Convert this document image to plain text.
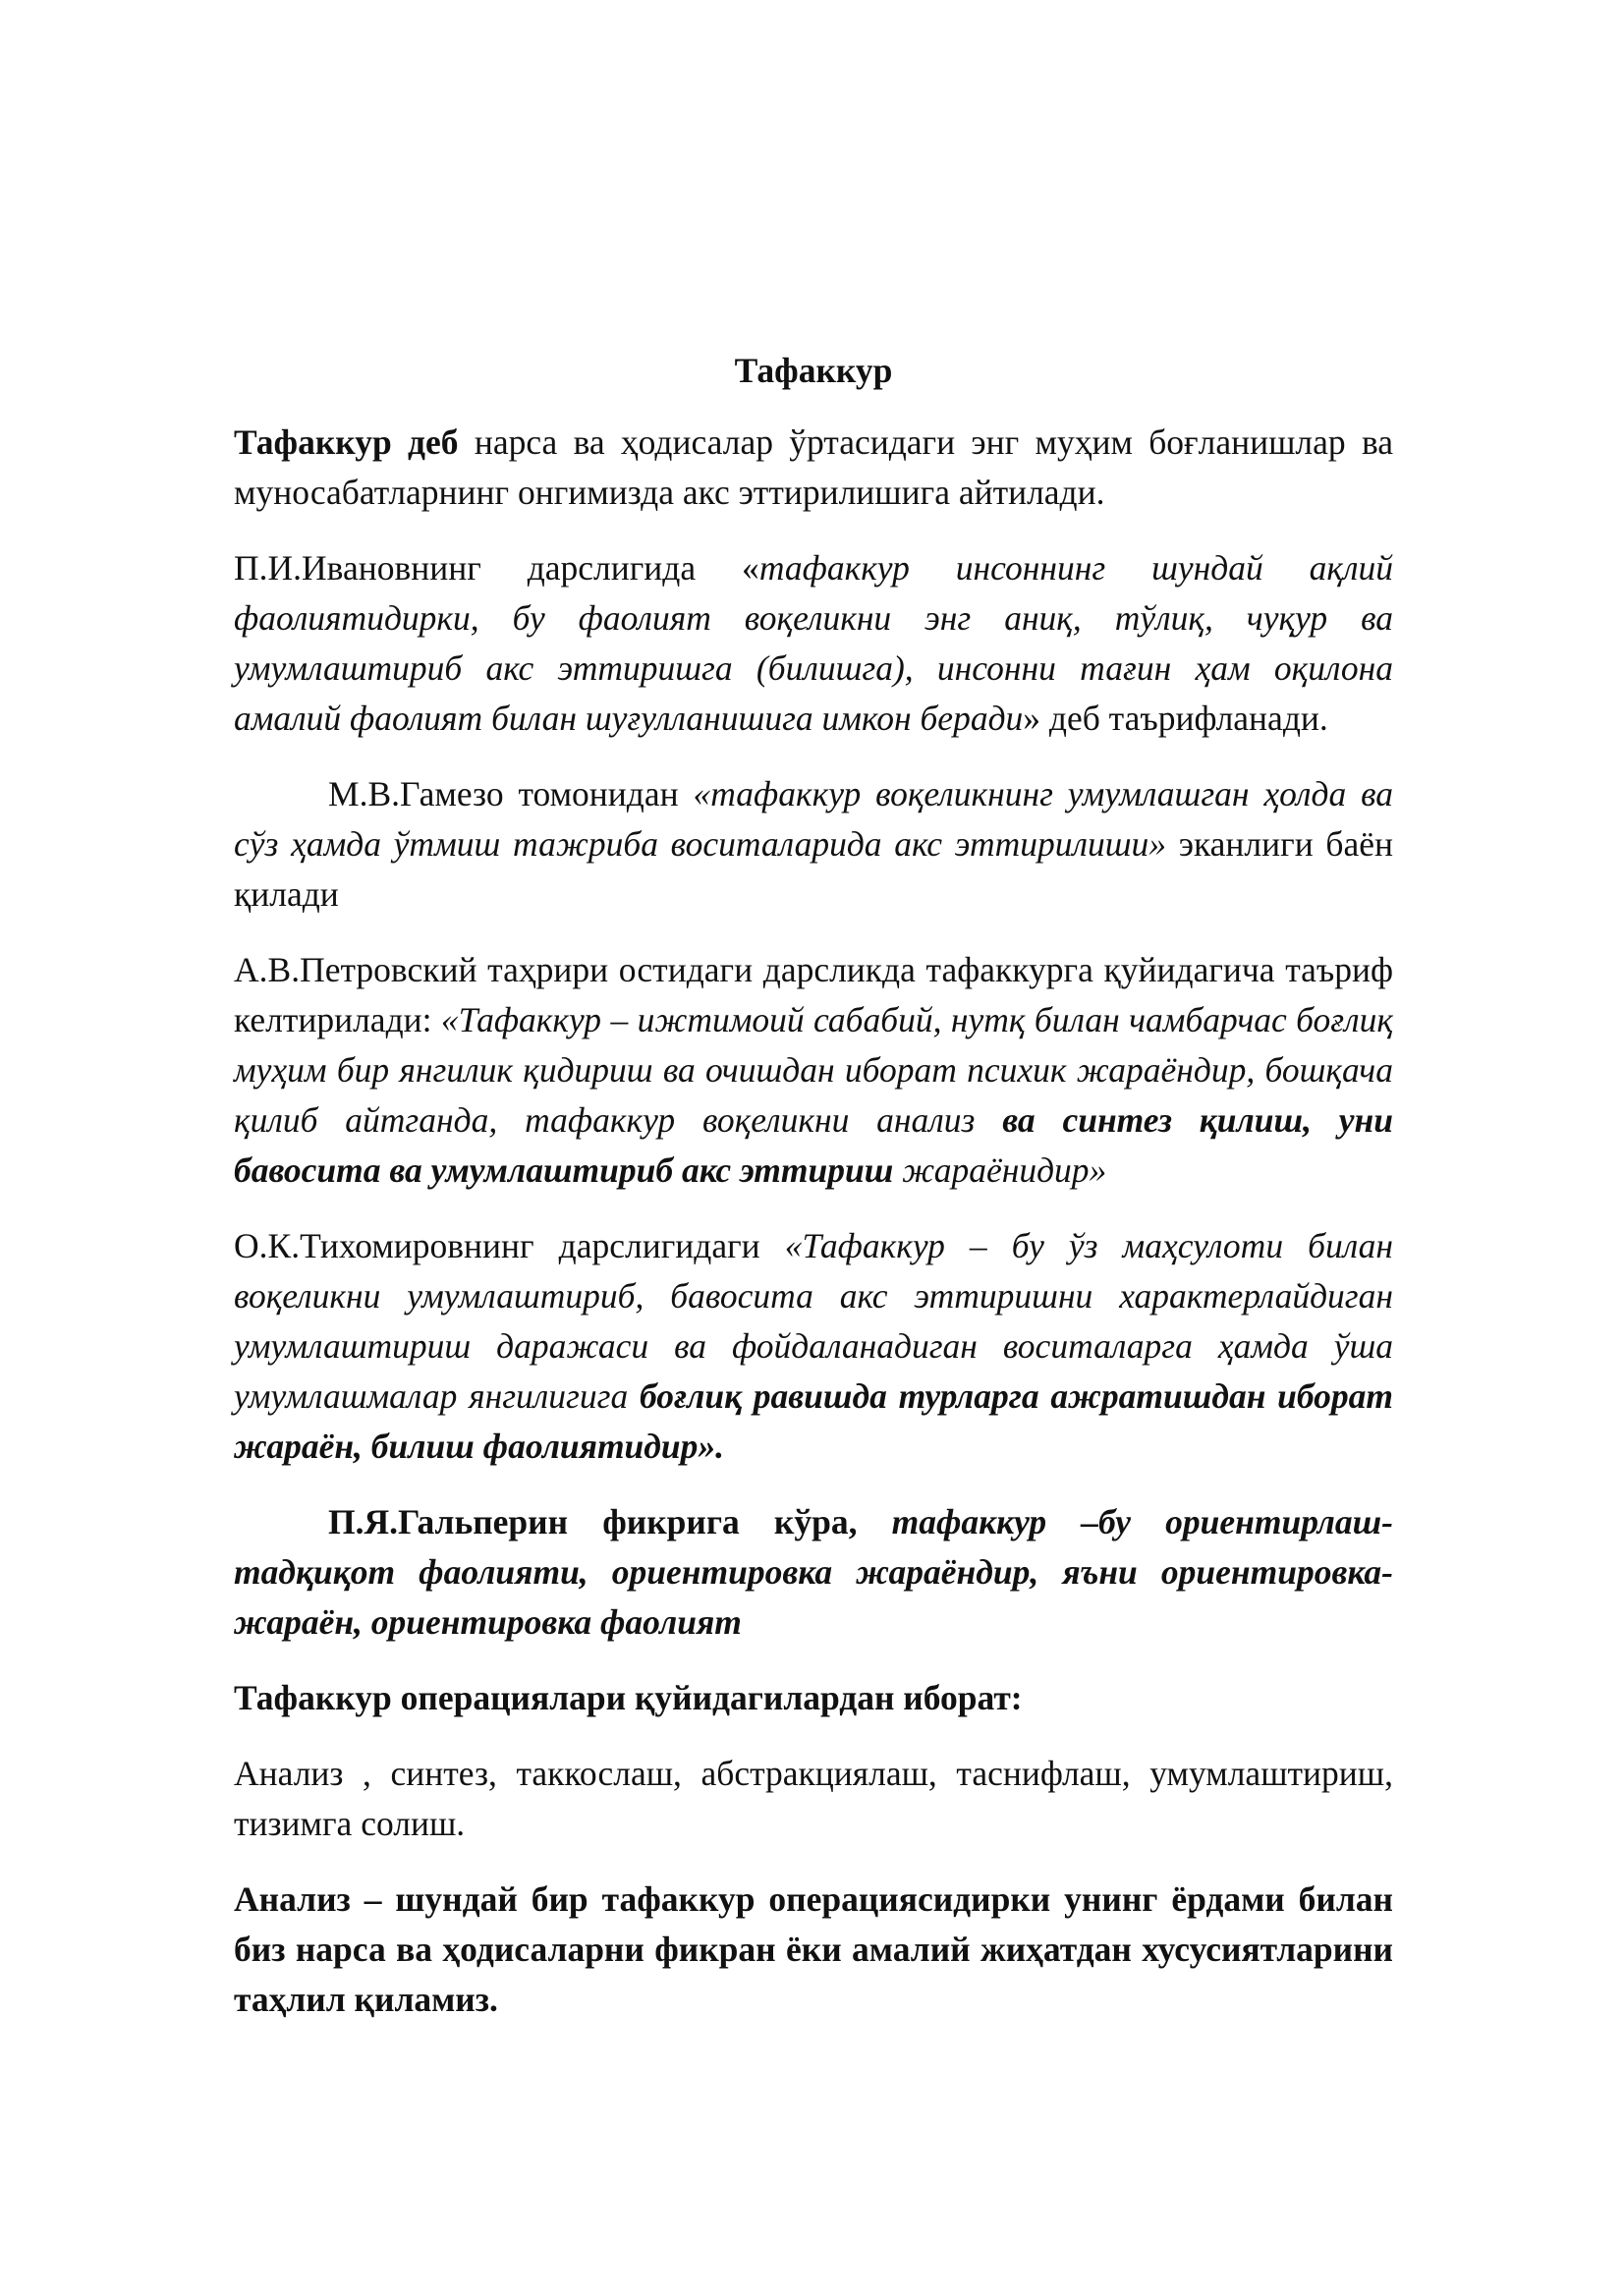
Тафаккур
Тафаккур деб нарса ва ҳодисалар ўртасидаги энг муҳим боғланишлар ва муносабатларнинг онгимизда акс эттирилишига айтилади.
П.И.Ивановнинг дарслигида «тафаккур инсоннинг шундай ақлий фаолиятидирки, бу фаолият воқеликни энг аниқ, тўлиқ, чуқур ва умумлаштириб акс эттиришга (билишга), инсонни тағин ҳам оқилона амалий фаолият билан шуғулланишига имкон беради» деб таърифланади.
М.В.Гамезо томонидан «тафаккур воқеликнинг умумлашган ҳолда ва сўз ҳамда ўтмиш тажриба воситаларида акс эттирилиши» эканлиги баён қилади
А.В.Петровский таҳрири остидаги дарсликда тафаккурга қуйидагича таъриф келтирилади: «Тафаккур – ижтимоий сабабий, нутқ билан чамбарчас боғлиқ муҳим бир янгилик қидириш ва очишдан иборат психик жараёндир, бошқача қилиб айтганда, тафаккур воқеликни анализ ва синтез қилиш, уни бавосита ва умумлаштириб акс эттириш жараёнидир»
О.К.Тихомировнинг дарслигидаги «Тафаккур – бу ўз маҳсулоти билан воқеликни умумлаштириб, бавосита акс эттиришни характерлайдиган умумлаштириш даражаси ва фойдаланадиган воситаларга ҳамда ўша умумлашмалар янгилигига боғлиқ равишда турларга ажратишдан иборат жараён, билиш фаолиятидир».
П.Я.Гальперин фикрига кўра, тафаккур –бу ориентирлаш-тадқиқот фаолияти, ориентировка жараёндир, яъни ориентировка-жараён, ориентировка фаолият
Тафаккур операциялари қуйидагилардан иборат:
Анализ , синтез, таккослаш, абстракциялаш, таснифлаш, умумлаштириш, тизимга солиш.
Анализ – шундай бир тафаккур операциясидирки унинг ёрдами билан биз нарса ва ҳодисаларни фикран ёки амалий жиҳатдан хусусиятларини таҳлил қиламиз.
